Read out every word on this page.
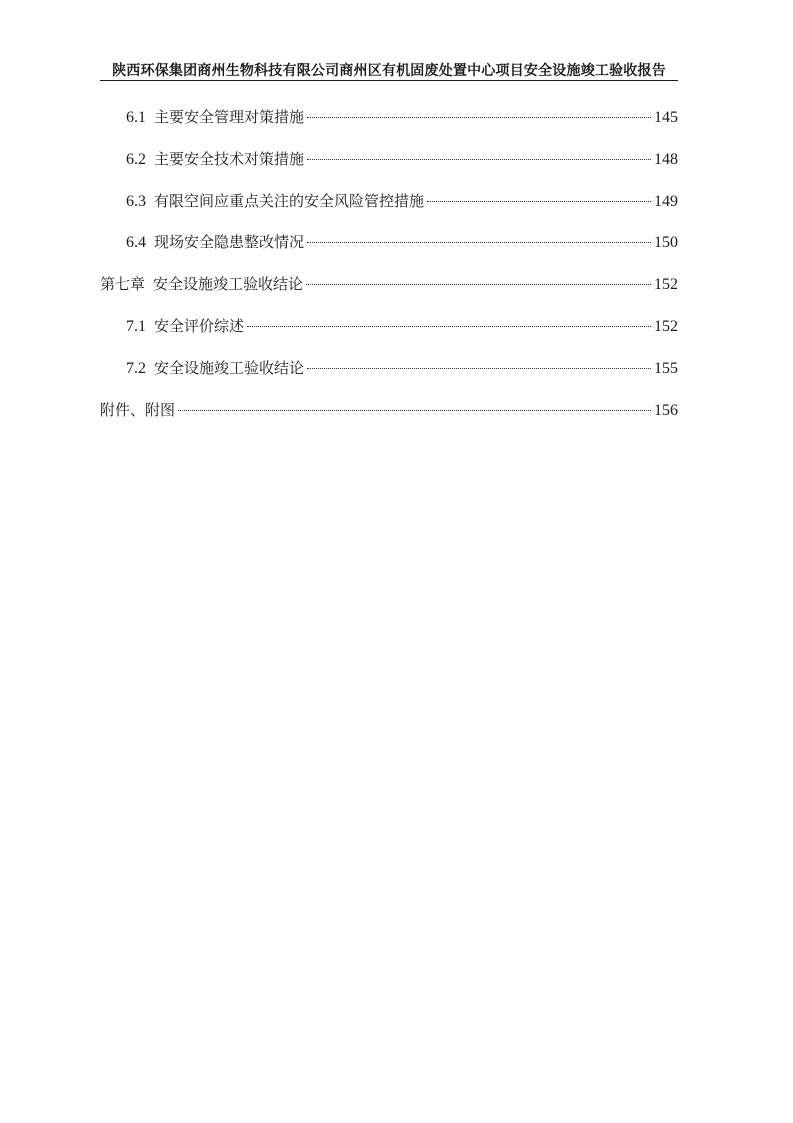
陕西环保集团商州生物科技有限公司商州区有机固废处置中心项目安全设施竣工验收报告
6.1 主要安全管理对策措施	145
6.2 主要安全技术对策措施	148
6.3 有限空间应重点关注的安全风险管控措施	149
6.4 现场安全隐患整改情况	150
第七章 安全设施竣工验收结论	152
7.1 安全评价综述	152
7.2 安全设施竣工验收结论	155
附件、附图	156
